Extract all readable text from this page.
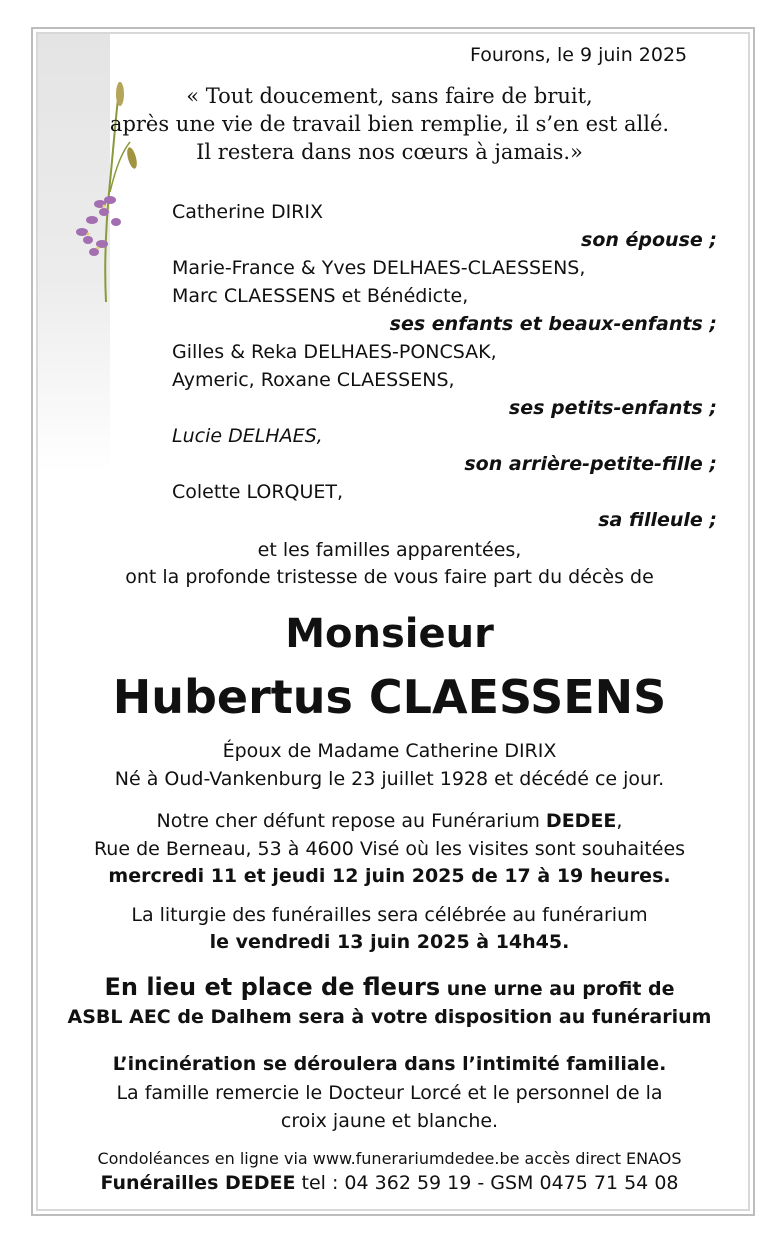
Fourons, le 9 juin 2025

« Tout doucement, sans faire de bruit,

après une vie de travail bien remplie, il s’en est allé.

Il restera dans nos cœurs à jamais.»

Catherine DIRIX

son épouse ;

Marie-France & Yves DELHAES-CLAESSENS,

Marc CLAESSENS et Bénédicte,

ses enfants et beaux-enfants ;

Gilles & Reka DELHAES-PONCSAK,

Aymeric, Roxane CLAESSENS,

ses petits-enfants ;

Lucie DELHAES,

son arrière-petite-fille ;

Colette LORQUET,

sa filleule ;

et les familles apparentées,

ont la profonde tristesse de vous faire part du décès de

Monsieur

Hubertus CLAESSENS

Époux de Madame Catherine DIRIX

Né à Oud-Vankenburg le 23 juillet 1928 et décédé ce jour.

Notre cher défunt repose au Funérarium DEDEE,

Rue de Berneau, 53 à 4600 Visé où les visites sont souhaitées

mercredi 11 et jeudi 12 juin 2025 de 17 à 19 heures.

La liturgie des funérailles sera célébrée au funérarium

le vendredi 13 juin 2025 à 14h45.

En lieu et place de fleurs une urne au profit de

ASBL AEC de Dalhem sera à votre disposition au funérarium

L’incinération se déroulera dans l’intimité familiale.

La famille remercie le Docteur Lorcé et le personnel de la

croix jaune et blanche.

Condoléances en ligne via www.funerariumdedee.be accès direct ENAOS

Funérailles DEDEE tel : 04 362 59 19 - GSM 0475 71 54 08
